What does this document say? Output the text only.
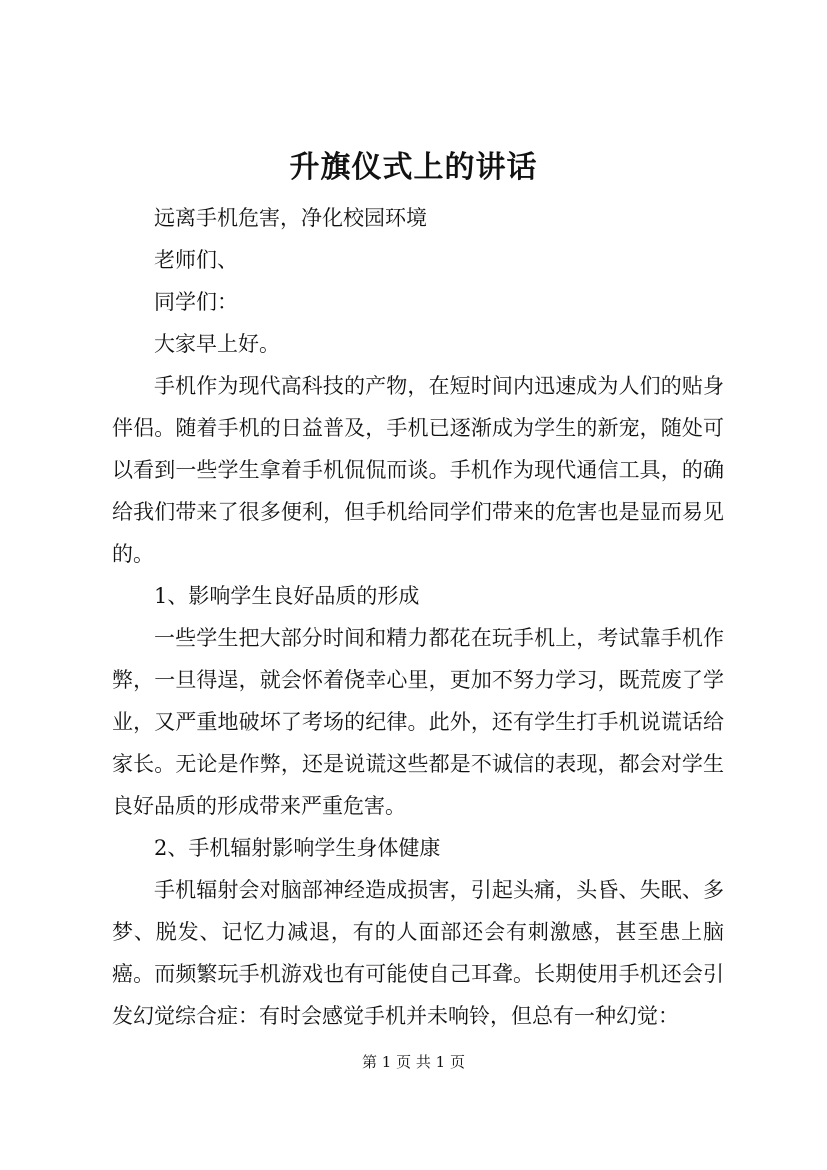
升旗仪式上的讲话

远离手机危害，净化校园环境

老师们、

同学们：

大家早上好。

手机作为现代高科技的产物，在短时间内迅速成为人们的贴身伴侣。随着手机的日益普及，手机已逐渐成为学生的新宠，随处可以看到一些学生拿着手机侃侃而谈。手机作为现代通信工具，的确给我们带来了很多便利，但手机给同学们带来的危害也是显而易见的。

1、影响学生良好品质的形成

一些学生把大部分时间和精力都花在玩手机上，考试靠手机作弊，一旦得逞，就会怀着侥幸心里，更加不努力学习，既荒废了学业，又严重地破坏了考场的纪律。此外，还有学生打手机说谎话给家长。无论是作弊，还是说谎这些都是不诚信的表现，都会对学生良好品质的形成带来严重危害。

2、手机辐射影响学生身体健康

手机辐射会对脑部神经造成损害，引起头痛，头昏、失眠、多梦、脱发、记忆力减退，有的人面部还会有刺激感，甚至患上脑癌。而频繁玩手机游戏也有可能使自己耳聋。长期使用手机还会引发幻觉综合症：有时会感觉手机并未响铃，但总有一种幻觉：

第 1 页 共 1 页
